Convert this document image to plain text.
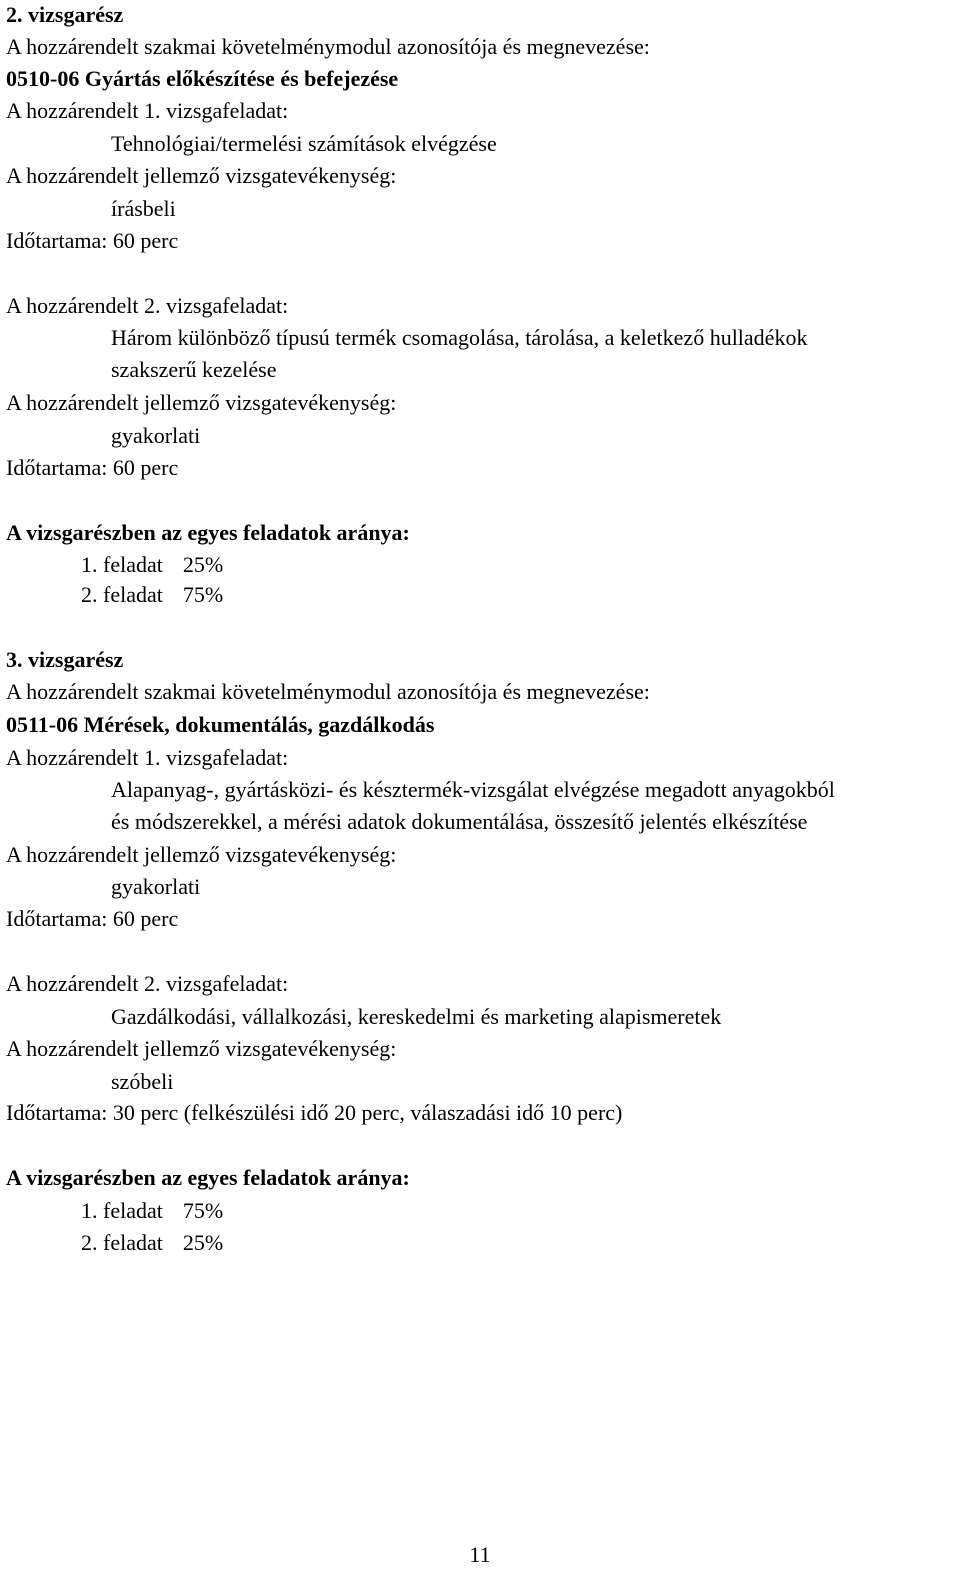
2. vizsgarész
A hozzárendelt szakmai követelménymodul azonosítója és megnevezése:
0510-06 Gyártás előkészítése és befejezése
A hozzárendelt 1. vizsgafeladat:
Tehnológiai/termelési számítások elvégzése
A hozzárendelt jellemző vizsgatevékenység:
írásbeli
Időtartama: 60 perc
A hozzárendelt 2. vizsgafeladat:
Három különböző típusú termék csomagolása, tárolása, a keletkező hulladékok
szakszerű kezelése
A hozzárendelt jellemző vizsgatevékenység:
gyakorlati
Időtartama: 60 perc
A vizsgarészben az egyes feladatok aránya:
1. feladat 25%
2. feladat 75%
3. vizsgarész
A hozzárendelt szakmai követelménymodul azonosítója és megnevezése:
0511-06 Mérések, dokumentálás, gazdálkodás
A hozzárendelt 1. vizsgafeladat:
Alapanyag-, gyártásközi- és késztermék-vizsgálat elvégzése megadott anyagokból
és módszerekkel, a mérési adatok dokumentálása, összesítő jelentés elkészítése
A hozzárendelt jellemző vizsgatevékenység:
gyakorlati
Időtartama: 60 perc
A hozzárendelt 2. vizsgafeladat:
Gazdálkodási, vállalkozási, kereskedelmi és marketing alapismeretek
A hozzárendelt jellemző vizsgatevékenység:
szóbeli
Időtartama: 30 perc (felkészülési idő 20 perc, válaszadási idő 10 perc)
A vizsgarészben az egyes feladatok aránya:
1. feladat 75%
2. feladat 25%
11
